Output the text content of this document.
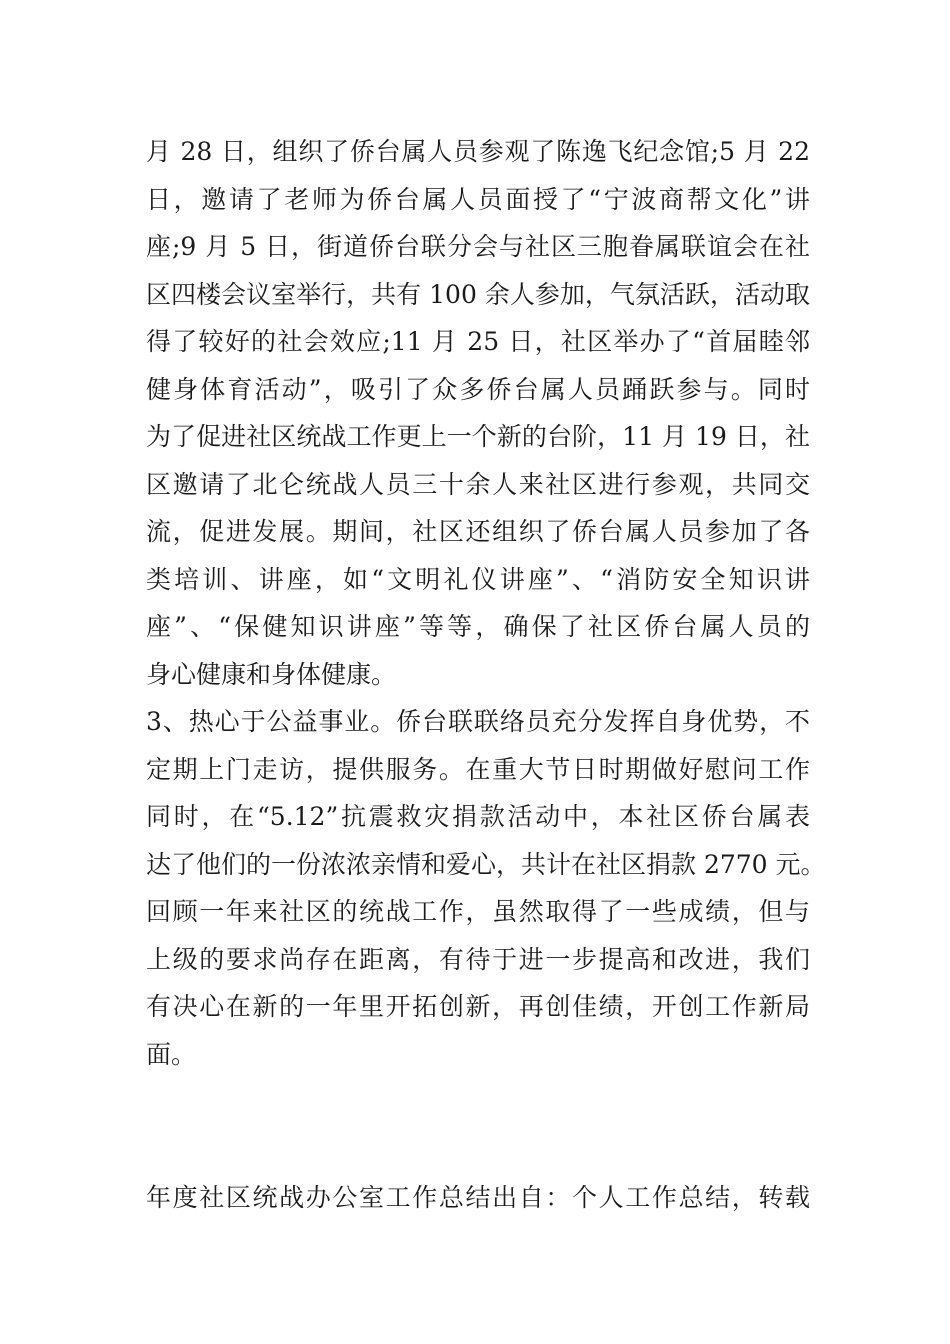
月 28 日，组织了侨台属人员参观了陈逸飞纪念馆;5 月 22
日，邀请了老师为侨台属人员面授了“宁波商帮文化”讲
座;9 月 5 日，街道侨台联分会与社区三胞眷属联谊会在社
区四楼会议室举行，共有 100 余人参加，气氛活跃，活动取
得了较好的社会效应;11 月 25 日，社区举办了“首届睦邻
健身体育活动”，吸引了众多侨台属人员踊跃参与。同时
为了促进社区统战工作更上一个新的台阶，11 月 19 日，社
区邀请了北仑统战人员三十余人来社区进行参观，共同交
流，促进发展。期间，社区还组织了侨台属人员参加了各
类培训、讲座，如“文明礼仪讲座”、“消防安全知识讲
座”、“保健知识讲座”等等，确保了社区侨台属人员的
身心健康和身体健康。
3、热心于公益事业。侨台联联络员充分发挥自身优势，不
定期上门走访，提供服务。在重大节日时期做好慰问工作
同时，在“5.12”抗震救灾捐款活动中，本社区侨台属表
达了他们的一份浓浓亲情和爱心，共计在社区捐款 2770 元。
回顾一年来社区的统战工作，虽然取得了一些成绩，但与
上级的要求尚存在距离，有待于进一步提高和改进，我们
有决心在新的一年里开拓创新，再创佳绩，开创工作新局
面。
年度社区统战办公室工作总结出自：个人工作总结，转载
